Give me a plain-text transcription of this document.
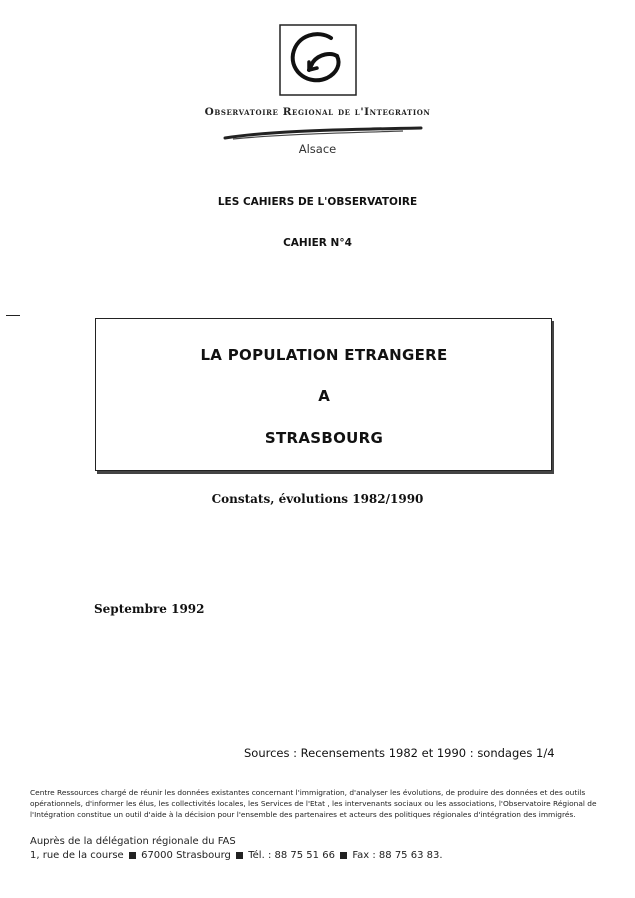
Observatoire Regional de l'Integration
Alsace
LES CAHIERS DE L'OBSERVATOIRE
CAHIER N°4
LA POPULATION ETRANGERE
A
STRASBOURG
Constats, évolutions 1982/1990
Septembre 1992
Sources : Recensements 1982 et 1990 : sondages 1/4
Centre Ressources chargé de réunir les données existantes concernant l'immigration, d'analyser les évolutions, de produire des données et des outils opérationnels, d'informer les élus, les collectivités locales, les Services de l'Etat , les intervenants sociaux ou les associations, l'Observatoire Régional de l'Intégration constitue un outil d'aide à la décision pour l'ensemble des partenaires et acteurs des politiques régionales d'intégration des immigrés.
Auprès de la délégation régionale du FAS
1, rue de la course 67000 Strasbourg Tél. : 88 75 51 66 Fax : 88 75 63 83.
